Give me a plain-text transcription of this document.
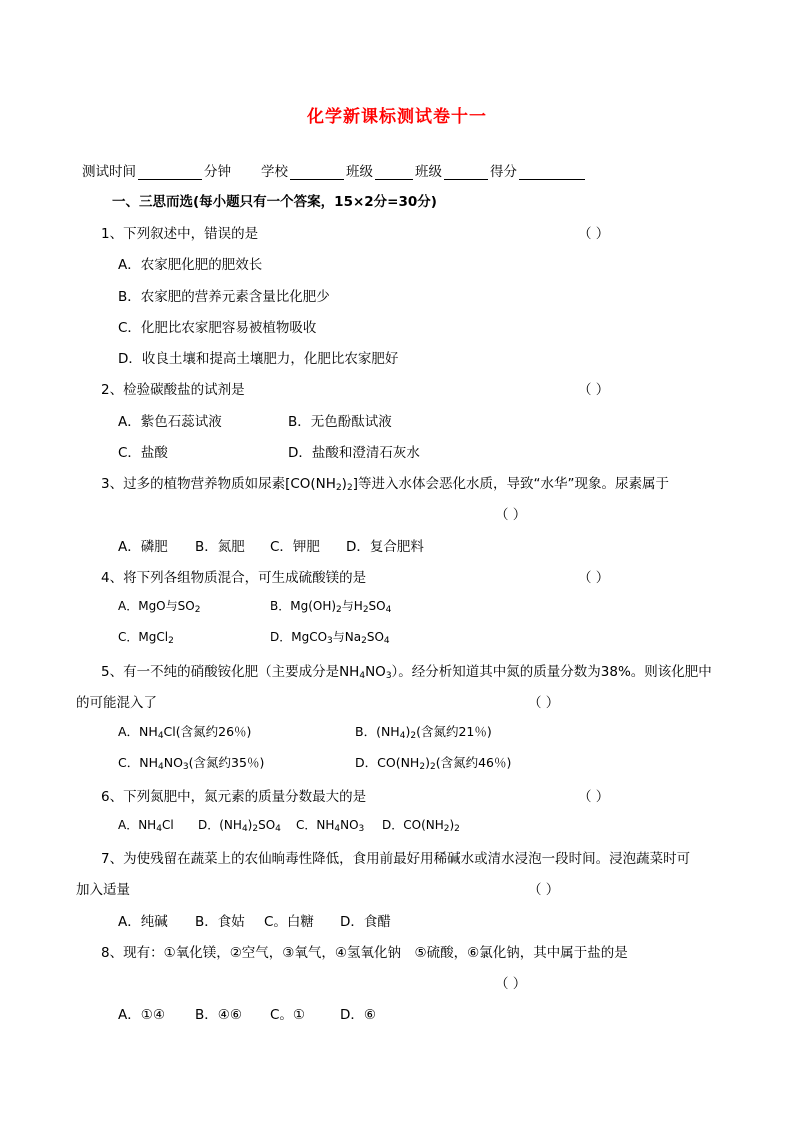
化学新课标测试卷十一
测试时间	分钟 学校	班级	班级	得分
一、三思而选(每小题只有一个答案，15×2分=30分)
1、下列叙述中，错误的是	（ ）
A．农家肥化肥的肥效长
B．农家肥的营养元素含量比化肥少
C．化肥比农家肥容易被植物吸收
D．收良土壤和提高土壤肥力，化肥比农家肥好
2、检验碳酸盐的试剂是	（ ）
A．紫色石蕊试液	B．无色酚酞试液
C．盐酸	D．盐酸和澄清石灰水
3、过多的植物营养物质如尿素$[CO(NH_2)_2]$等进入水体会恶化水质，导致“水华”现象。尿素属于
（ ）
A．磷肥 B．氮肥 C．钾肥 D．复合肥料
4、将下列各组物质混合，可生成硫酸镁的是	（ ）
A．MgO与$SO_2$	B．$Mg(OH)_2$与$H_2SO_4$
C．MgCl$_2$	D．MgCO$_3$与$Na_2SO_4$
5、有一不纯的硝酸铵化肥（主要成分是$NH_4NO_3$）。经分析知道其中氮的质量分数为38%。则该化肥中
的可能混入了	（ ）
A．$NH_4Cl$(含氮约26％)	B．$(NH_4)_2$(含氮约21％)
C．$NH_4NO_3$(含氮约35％)	D．$CO(NH_2)_2$(含氮约46％)
6、下列氮肥中，氮元素的质量分数最大的是	（ ）
A．$NH_4Cl$ D．$(NH_4)_2SO_4$ C．$NH_4NO_3$ D．$CO(NH_2)_2$
7、为使残留在蔬菜上的农仙晌毒性降低，食用前最好用稀碱水或清水浸泡一段时间。浸泡蔬菜时可
加入适量	（ ）
A．纯碱 B．食姑 C。白糖 D．食醋
8、现有：①氧化镁，②空气，③氧气，④氢氧化钠　⑤硫酸，⑥氯化钠，其中属于盐的是
（ ）
A．①④ B．④⑥ C。①	D．⑥
